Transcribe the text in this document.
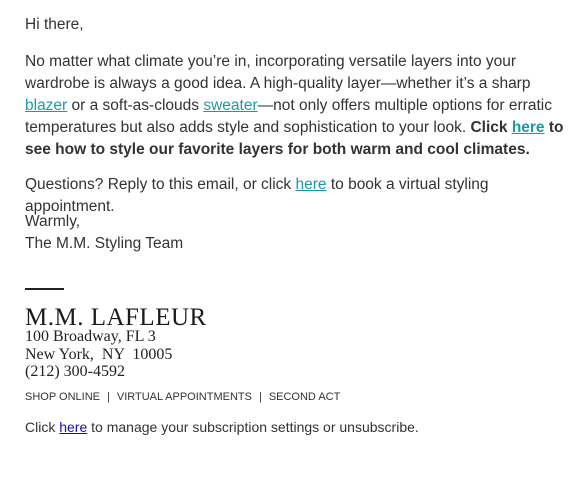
Hi there,

No matter what climate you’re in, incorporating versatile layers into your wardrobe is always a good idea. A high-quality layer—whether it’s a sharp blazer or a soft-as-clouds sweater—not only offers multiple options for erratic temperatures but also adds style and sophistication to your look. Click here to see how to style our favorite layers for both warm and cool climates.

Questions? Reply to this email, or click here to book a virtual styling appointment.

Warmly,

The M.M. Styling Team

M.M. LAFLEUR
100 Broadway, FL 3
New York,  NY  10005
(212) 300-4592
SHOP ONLINE | VIRTUAL APPOINTMENTS | SECOND ACT

Click here to manage your subscription settings or unsubscribe.
